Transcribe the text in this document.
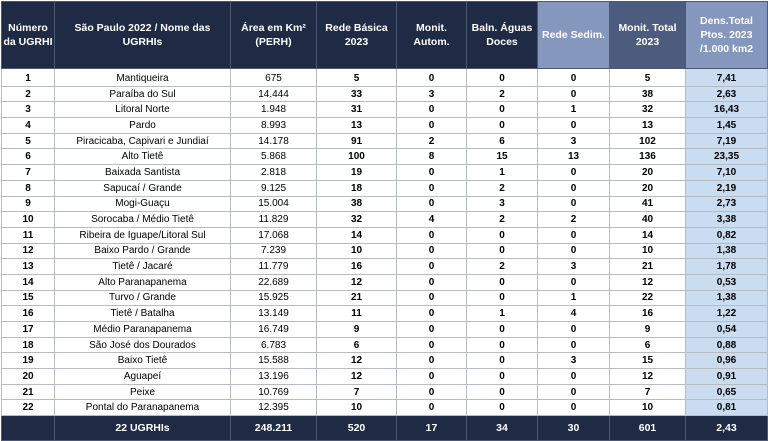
Número da UGRHI	São Paulo 2022 / Nome das UGRHIs	Área em Km² (PERH)	Rede Básica 2023	Monit. Autom.	Baln. Águas Doces	Rede Sedim.	Monit. Total 2023	Dens.Total Ptos. 2023 /1.000 km2
1	Mantiqueira	675	5	0	0	0	5	7,41
2	Paraíba do Sul	14.444	33	3	2	0	38	2,63
3	Litoral Norte	1.948	31	0	0	1	32	16,43
4	Pardo	8.993	13	0	0	0	13	1,45
5	Piracicaba, Capivari e Jundiaí	14.178	91	2	6	3	102	7,19
6	Alto Tietê	5.868	100	8	15	13	136	23,35
7	Baixada Santista	2.818	19	0	1	0	20	7,10
8	Sapucaí / Grande	9.125	18	0	2	0	20	2,19
9	Mogi-Guaçu	15.004	38	0	3	0	41	2,73
10	Sorocaba / Médio Tietê	11.829	32	4	2	2	40	3,38
11	Ribeira de Iguape/Litoral Sul	17.068	14	0	0	0	14	0,82
12	Baixo Pardo / Grande	7.239	10	0	0	0	10	1,38
13	Tietê / Jacaré	11.779	16	0	2	3	21	1,78
14	Alto Paranapanema	22.689	12	0	0	0	12	0,53
15	Turvo / Grande	15.925	21	0	0	1	22	1,38
16	Tietê / Batalha	13.149	11	0	1	4	16	1,22
17	Médio Paranapanema	16.749	9	0	0	0	9	0,54
18	São José dos Dourados	6.783	6	0	0	0	6	0,88
19	Baixo Tietê	15.588	12	0	0	3	15	0,96
20	Aguapeí	13.196	12	0	0	0	12	0,91
21	Peixe	10.769	7	0	0	0	7	0,65
22	Pontal do Paranapanema	12.395	10	0	0	0	10	0,81
	22 UGRHIs	248.211	520	17	34	30	601	2,43
